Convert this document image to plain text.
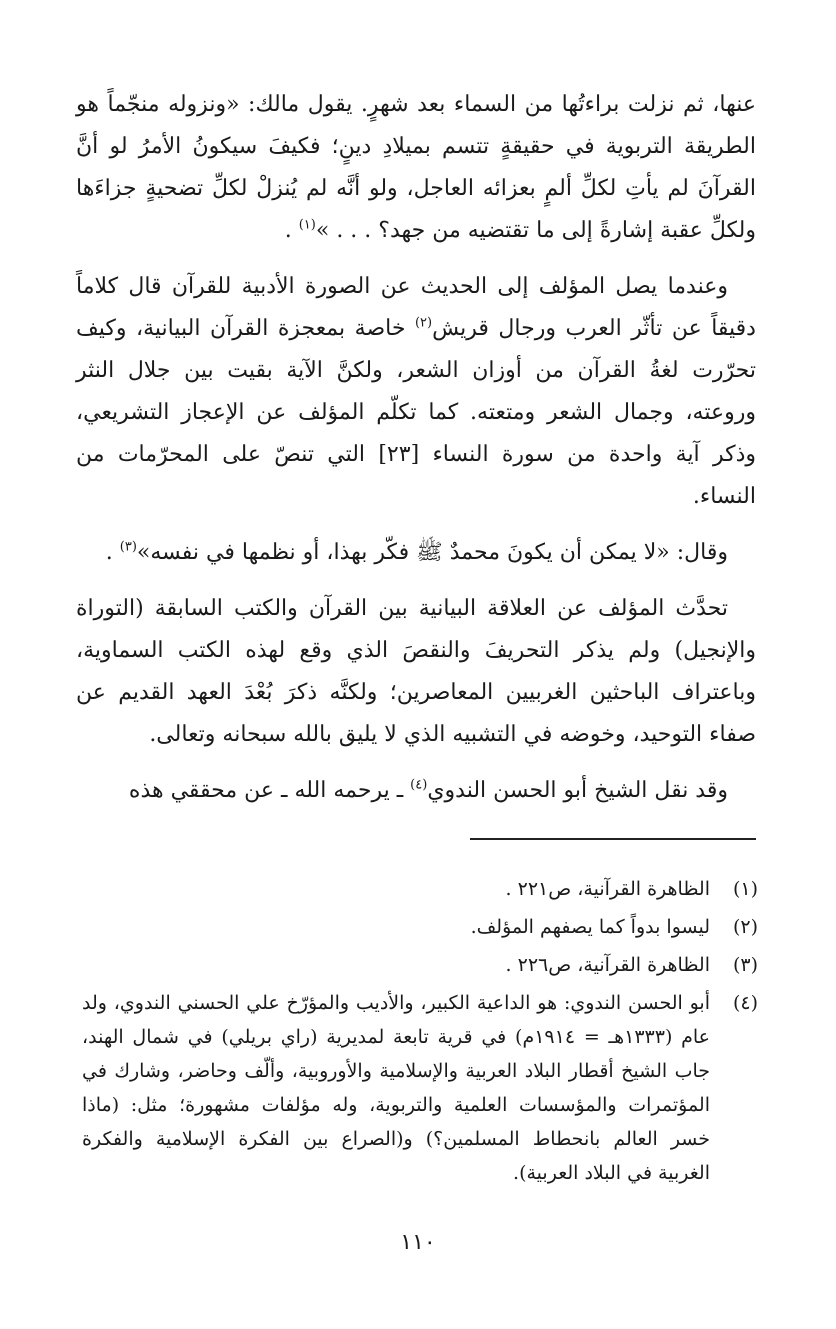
عنها، ثم نزلت براءتُها من السماء بعد شهرٍ. يقول مالك: «ونزوله منجّماً هو الطريقة التربوية في حقيقةٍ تتسم بميلادِ دينٍ؛ فكيفَ سيكونُ الأمرُ لو أنَّ القرآنَ لم يأتِ لكلِّ ألمٍ بعزائه العاجل، ولو أنَّه لم يُنزلْ لكلِّ تضحيةٍ جزاءَها ولكلِّ عقبة إشارةً إلى ما تقتضيه من جهد؟ . . . »$^{(١)}$ .

وعندما يصل المؤلف إلى الحديث عن الصورة الأدبية للقرآن قال كلاماً دقيقاً عن تأثّر العرب ورجال قريش$^{(٢)}$ خاصة بمعجزة القرآن البيانية، وكيف تحرّرت لغةُ القرآن من أوزان الشعر، ولكنَّ الآية بقيت بين جلال النثر وروعته، وجمال الشعر ومتعته. كما تكلّم المؤلف عن الإعجاز التشريعي، وذكر آية واحدة من سورة النساء [٢٣] التي تنصّ على المحرّمات من النساء.

وقال: «لا يمكن أن يكونَ محمدٌ ﷺ فكّر بهذا، أو نظمها في نفسه»$^{(٣)}$ .

تحدَّث المؤلف عن العلاقة البيانية بين القرآن والكتب السابقة (التوراة والإنجيل) ولم يذكر التحريفَ والنقصَ الذي وقع لهذه الكتب السماوية، وباعتراف الباحثين الغربيين المعاصرين؛ ولكنَّه ذكرَ بُعْدَ العهد القديم عن صفاء التوحيد، وخوضه في التشبيه الذي لا يليق بالله سبحانه وتعالى.

وقد نقل الشيخ أبو الحسن الندوي$^{(٤)}$ ـ يرحمه الله ـ عن محققي هذه

(١)
الظاهرة القرآنية، ص٢٢١ .
(٢)
ليسوا بدواً كما يصفهم المؤلف.
(٣)
الظاهرة القرآنية، ص٢٢٦ .
(٤)
أبو الحسن الندوي: هو الداعية الكبير، والأديب والمؤرّخ علي الحسني الندوي، ولد عام (١٣٣٣هـ = ١٩١٤م) في قرية تابعة لمديرية (راي بريلي) في شمال الهند، جاب الشيخ أقطار البلاد العربية والإسلامية والأوروبية، وألّف وحاضر، وشارك في المؤتمرات والمؤسسات العلمية والتربوية، وله مؤلفات مشهورة؛ مثل: (ماذا خسر العالم بانحطاط المسلمين؟) و(الصراع بين الفكرة الإسلامية والفكرة الغربية في البلاد العربية).
١١٠
